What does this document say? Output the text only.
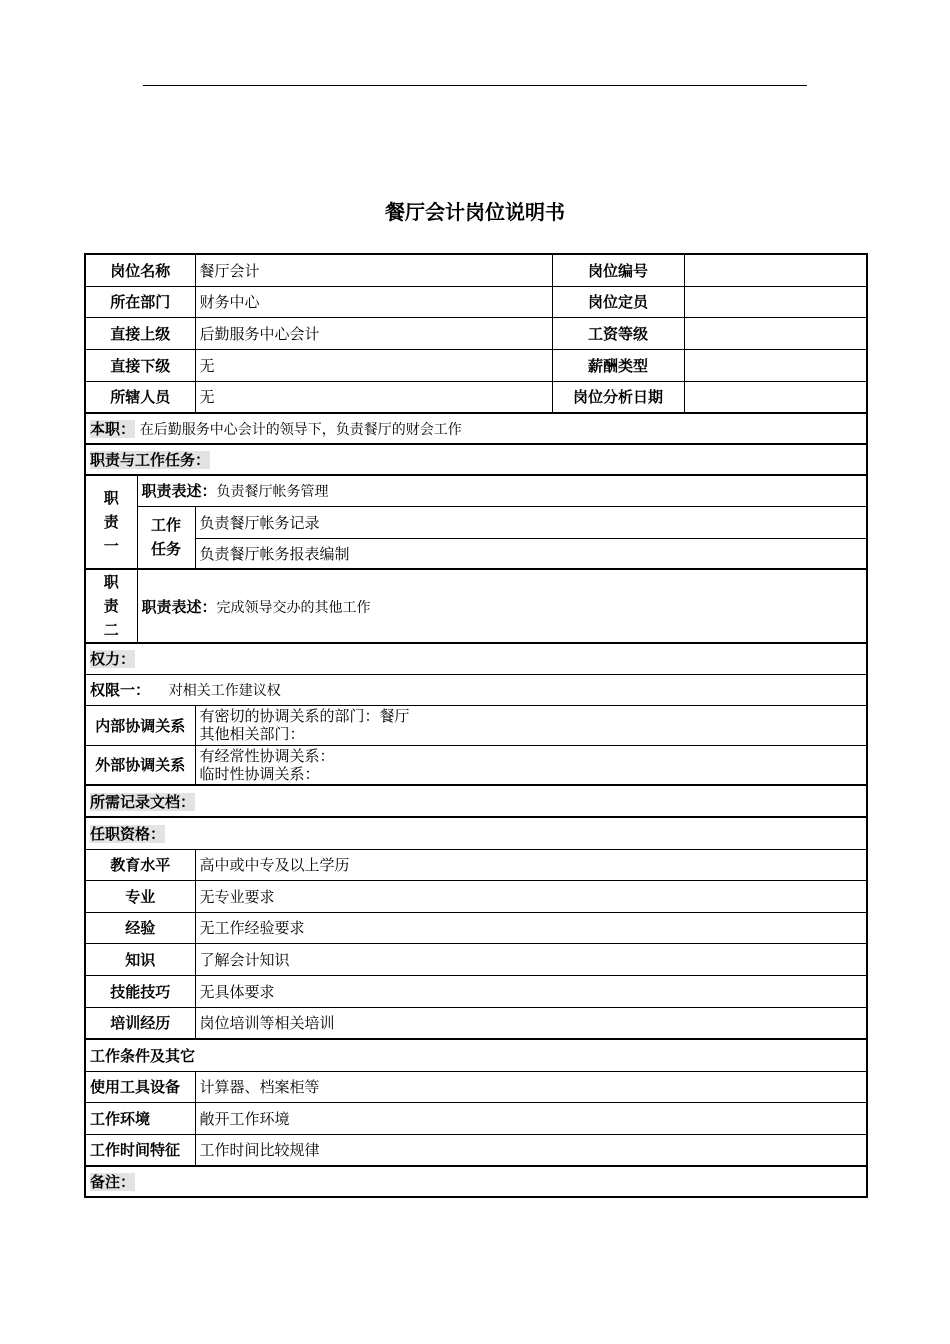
餐厅会计岗位说明书
岗位名称		餐厅会计	岗位编号	
所在部门		财务中心	岗位定员	
直接上级		后勤服务中心会计	工资等级	
直接下级		无	薪酬类型	
所辖人员		无	岗位分析日期	
本职： 在后勤服务中心会计的领导下，负责餐厅的财会工作				
职责与工作任务：				

职
责
一	职责表述：负责餐厅帐务管理			

	工作
任务	负责餐厅帐务记录		
		负责餐厅帐务报表编制		

职
责
二	职责表述：完成领导交办的其他工作			
权力：				
权限一： 对相关工作建议权				
内部协调关系		有密切的协调关系的部门：餐厅
其他相关部门：		

外部协调关系		有经常性协调关系：
临时性协调关系：		

所需记录文档：				
任职资格：				
教育水平		高中或中专及以上学历		
专业		无专业要求		
经验		无工作经验要求		
知识		了解会计知识		
技能技巧		无具体要求		
培训经历		岗位培训等相关培训		
工作条件及其它				
使用工具设备		计算器、档案柜等		
工作环境		敞开工作环境		
工作时间特征		工作时间比较规律		
备注：				
